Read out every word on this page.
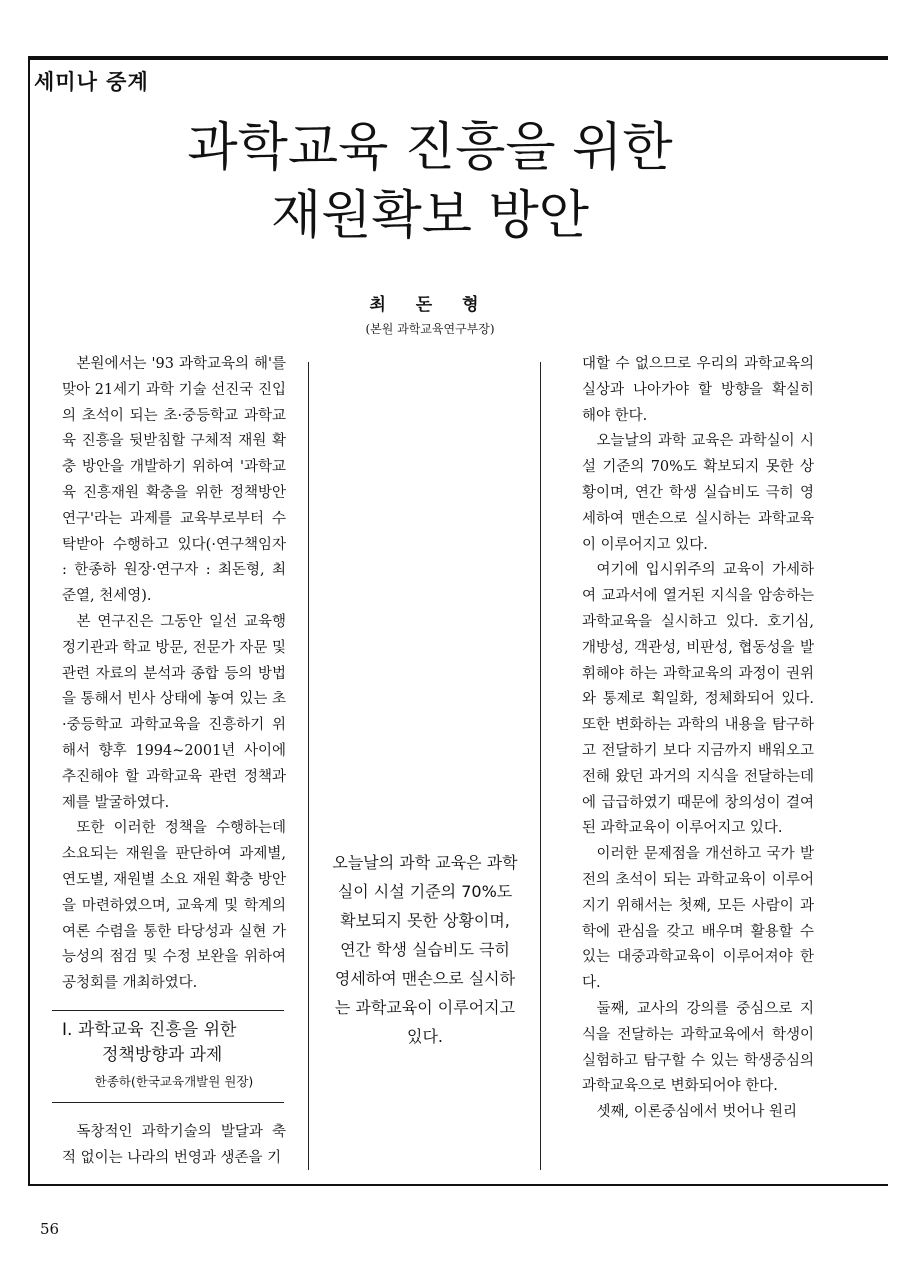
세미나 중계
과학교육 진흥을 위한
재원확보 방안
최 돈 형
(본원 과학교육연구부장)

본원에서는 '93 과학교육의 해'를 맞아 21세기 과학 기술 선진국 진입의 초석이 되는 초·중등학교 과학교육 진흥을 뒷받침할 구체적 재원 확충 방안을 개발하기 위하여 '과학교육 진흥재원 확충을 위한 정책방안 연구'라는 과제를 교육부로부터 수탁받아 수행하고 있다(·연구책임자 : 한종하 원장·연구자 : 최돈형, 최준열, 천세영).

본 연구진은 그동안 일선 교육행정기관과 학교 방문, 전문가 자문 및 관련 자료의 분석과 종합 등의 방법을 통해서 빈사 상태에 놓여 있는 초·중등학교 과학교육을 진흥하기 위해서 향후 1994~2001년 사이에 추진해야 할 과학교육 관련 정책과제를 발굴하였다.

또한 이러한 정책을 수행하는데 소요되는 재원을 판단하여 과제별, 연도별, 재원별 소요 재원 확충 방안을 마련하였으며, 교육계 및 학계의 여론 수렴을 통한 타당성과 실현 가능성의 점검 및 수정 보완을 위하여 공청회를 개최하였다.

Ⅰ. 과학교육 진흥을 위한
정책방향과 과제
한종하(한국교육개발원 원장)

독창적인 과학기술의 발달과 축적 없이는 나라의 번영과 생존을 기

오늘날의 과학 교육은 과학실이 시설 기준의 70%도 확보되지 못한 상황이며, 연간 학생 실습비도 극히 영세하여 맨손으로 실시하는 과학교육이 이루어지고 있다.

대할 수 없으므로 우리의 과학교육의 실상과 나아가야 할 방향을 확실히 해야 한다.

오늘날의 과학 교육은 과학실이 시설 기준의 70%도 확보되지 못한 상황이며, 연간 학생 실습비도 극히 영세하여 맨손으로 실시하는 과학교육이 이루어지고 있다.

여기에 입시위주의 교육이 가세하여 교과서에 열거된 지식을 암송하는 과학교육을 실시하고 있다. 호기심, 개방성, 객관성, 비판성, 협동성을 발휘해야 하는 과학교육의 과정이 권위와 통제로 획일화, 정체화되어 있다. 또한 변화하는 과학의 내용을 탐구하고 전달하기 보다 지금까지 배워오고 전해 왔던 과거의 지식을 전달하는데에 급급하였기 때문에 창의성이 결여된 과학교육이 이루어지고 있다.

이러한 문제점을 개선하고 국가 발전의 초석이 되는 과학교육이 이루어지기 위해서는 첫째, 모든 사람이 과학에 관심을 갖고 배우며 활용할 수 있는 대중과학교육이 이루어져야 한다.

둘째, 교사의 강의를 중심으로 지식을 전달하는 과학교육에서 학생이 실험하고 탐구할 수 있는 학생중심의 과학교육으로 변화되어야 한다.

셋째, 이론중심에서 벗어나 원리

56
